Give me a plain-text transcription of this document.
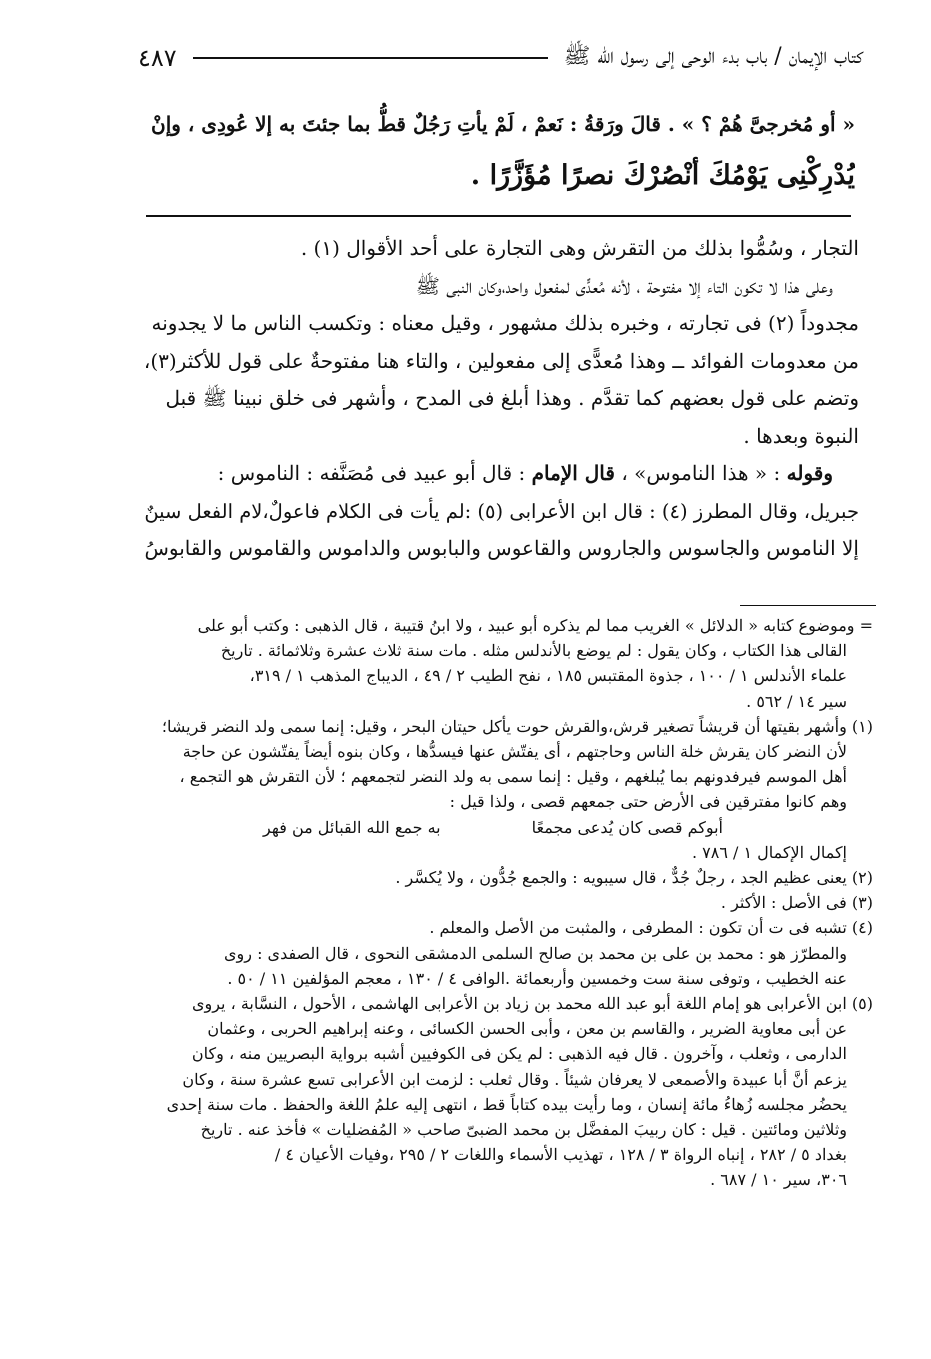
كتاب الإيمان / باب بدء الوحى إلى رسول الله ﷺ
٤٨٧
« أو مُخرجىَّ هُمْ ؟ » . قالَ ورَقةُ : نَعمْ ، لَمْ يأتِ رَجُلٌ قطُّ بما جئتَ به إلا عُودِى ، وإنْ
يُدْرِكْنِى يَوْمُكَ أنْصُرْكَ نصرًا مُؤَزَّرًا .

التجار ، وسُمُّوا بذلك من التقرش وهى التجارة على أحد الأقوال (١) .

وعلى هذا لا تكون التاء إلا مفتوحة ، لأنه مُعدًّى لمفعول واحد،وكان النبى ﷺ
مجدوداً (٢) فى تجارته ، وخبره بذلك مشهور ، وقيل معناه : وتكسب الناس ما لا يجدونه
من معدومات الفوائد ــ وهذا مُعدًّى إلى مفعولين ، والتاء هنا مفتوحةٌ على قول للأكثر(٣)،
وتضم على قول بعضهم كما تقدَّم . وهذا أبلغ فى المدح ، وأشهر فى خلق نبينا ﷺ قبل
النبوة وبعدها .

وقوله : « هذا الناموس» ، قال الإمام : قال أبو عبيد فى مُصَنَّفه : الناموس :
جبريل، وقال المطرز (٤) : قال ابن الأعرابى (٥) :لم يأت فى الكلام فاعولٌ،لام الفعل سينٌ
إلا الناموس والجاسوس والجاروس والقاعوس والبابوس والداموس والقاموس والقابوسُ

= وموضوع كتابه « الدلائل » الغريب مما لم يذكره أبو عبيد ، ولا ابنُ قتيبة ، قال الذهبى : وكتب أبو على
القالى هذا الكتاب ، وكان يقول : لم يوضع بالأندلس مثله . مات سنة ثلاث عشرة وثلاثمائة . تاريخ
علماء الأندلس ١ / ١٠٠ ، جذوة المقتبس ١٨٥ ، نفح الطيب ٢ / ٤٩ ، الديباج المذهب ١ / ٣١٩،
سير ١٤ / ٥٦٢ .
(١) وأشهر بقيتها أن قريشاً تصغير قرش،والقرش حوت يأكل حيتان البحر ، وقيل: إنما سمى ولد النضر قريشا؛
لأن النضر كان يقرش خلة الناس وحاجتهم ، أى يفتّش عنها فيسدُّها ، وكان بنوه أيضاً يفتّشون عن حاجة
أهل الموسم فيرفدونهم بما يُبلغهم ، وقيل : إنما سمى به ولد النضر لتجمعهم ؛ لأن التقرش هو التجمع ،
وهم كانوا مفترقين فى الأرض حتى جمعهم قصى ، ولذا قيل :
أبوكم قصى كان يُدعى مجمعًا
به جمع الله القبائل من فهر
إكمال الإكمال ١ / ٧٨٦ .
(٢) يعنى عظيم الجد ، رجلٌ جُدٌّ ، قال سيبويه : والجمع جُدُّون ، ولا يُكسَّر .
(٣) فى الأصل : الأكثر .
(٤) تشبه فى ت أن تكون : المطرفى ، والمثبت من الأصل والمعلم .
والمطرّز هو : محمد بن على بن محمد بن صالح السلمى الدمشقى النحوى ، قال الصفدى : روى
عنه الخطيب ، وتوفى سنة ست وخمسين وأربعمائة .الوافى ٤ / ١٣٠ ، معجم المؤلفين ١١ / ٥٠ .
(٥) ابن الأعرابى هو إمام اللغة أبو عبد الله محمد بن زياد بن الأعرابى الهاشمى ، الأحول ، النسَّابة ، يروى
عن أبى معاوية الضرير ، والقاسم بن معن ، وأبى الحسن الكسائى ، وعنه إبراهيم الحربى ، وعثمان
الدارمى ، وثعلب ، وآخرون . قال فيه الذهبى : لم يكن فى الكوفيين أشبه برواية البصريين منه ، وكان
يزعم أنَّ أبا عبيدة والأصمعى لا يعرفان شيئاً . وقال ثعلب : لزمت ابن الأعرابى تسع عشرة سنة ، وكان
يحضُر مجلسه زُهاءُ مائة إنسان ، وما رأيت بيده كتاباً قط ، انتهى إليه علمُ اللغة والحفظ . مات سنة إحدى
وثلاثين ومائتين . قيل : كان ربيبَ المفضَّل بن محمد الضبىّ صاحب « المُفضليات » فأخذ عنه . تاريخ
بغداد ٥ / ٢٨٢ ، إنباه الرواة ٣ / ١٢٨ ، تهذيب الأسماء واللغات ٢ / ٢٩٥ ،وفيات الأعيان ٤ /
٣٠٦، سير ١٠ / ٦٨٧ .
